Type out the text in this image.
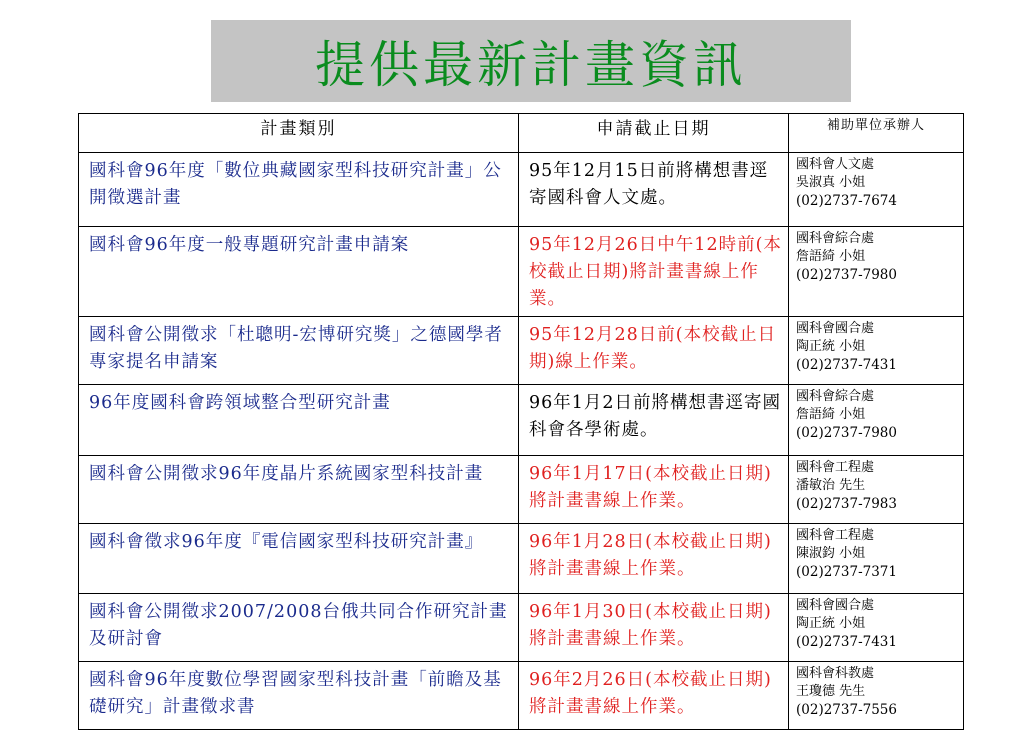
提供最新計畫資訊
計畫類別	申請截止日期	補助單位承辦人
國科會96年度「數位典藏國家型科技研究計畫」公開徵選計畫	95年12月15日前將構想書逕寄國科會人文處。	國科會人文處
吳淑真 小姐
(02)2737-7674

國科會96年度一般專題研究計畫申請案	95年12月26日中午12時前(本校截止日期)將計畫書線上作業。	國科會綜合處
詹語綺 小姐
(02)2737-7980

國科會公開徵求「杜聰明-宏博研究獎」之德國學者專家提名申請案	95年12月28日前(本校截止日期)線上作業。	國科會國合處
陶正統 小姐
(02)2737-7431

96年度國科會跨領域整合型研究計畫	96年1月2日前將構想書逕寄國科會各學術處。	國科會綜合處
詹語綺 小姐
(02)2737-7980

國科會公開徵求96年度晶片系統國家型科技計畫	96年1月17日(本校截止日期)將計畫書線上作業。	國科會工程處
潘敏治 先生
(02)2737-7983

國科會徵求96年度『電信國家型科技研究計畫』	96年1月28日(本校截止日期)將計畫書線上作業。	國科會工程處
陳淑鈞 小姐
(02)2737-7371

國科會公開徵求2007/2008台俄共同合作研究計畫及研討會	96年1月30日(本校截止日期)將計畫書線上作業。	國科會國合處
陶正統 小姐
(02)2737-7431

國科會96年度數位學習國家型科技計畫「前瞻及基礎研究」計畫徵求書	96年2月26日(本校截止日期)將計畫書線上作業。	國科會科教處
王瓊德 先生
(02)2737-7556
